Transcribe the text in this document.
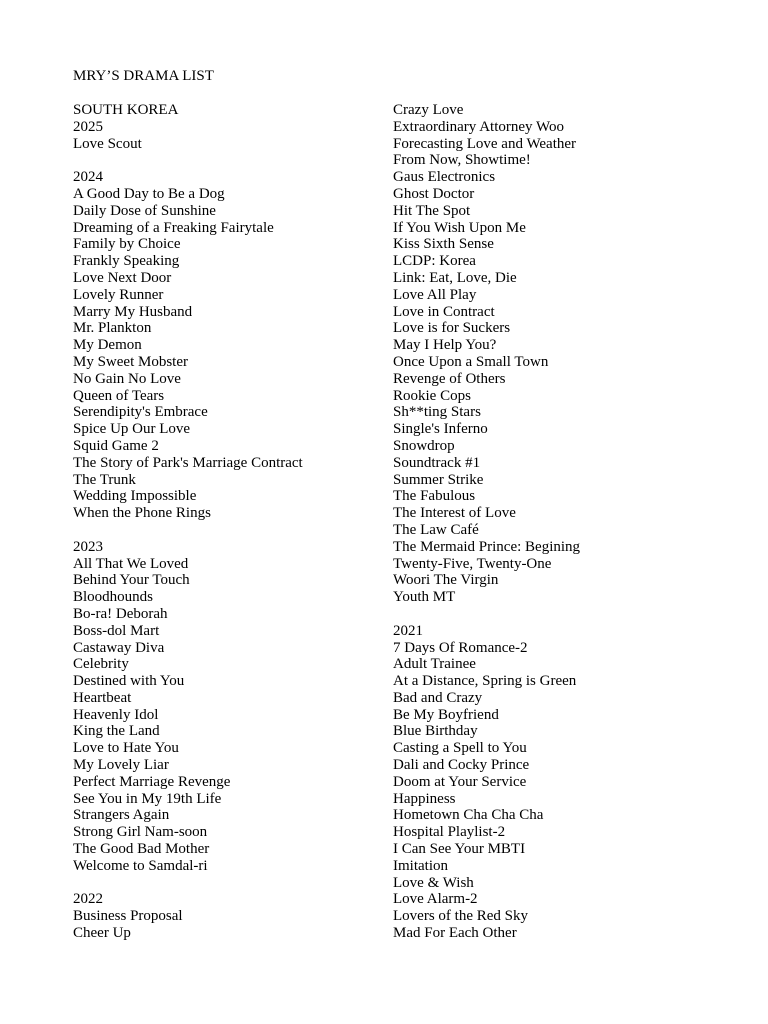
MRY’S DRAMA LIST
SOUTH KOREA
2025
Love Scout
2024
A Good Day to Be a Dog
Daily Dose of Sunshine
Dreaming of a Freaking Fairytale
Family by Choice
Frankly Speaking
Love Next Door
Lovely Runner
Marry My Husband
Mr. Plankton
My Demon
My Sweet Mobster
No Gain No Love
Queen of Tears
Serendipity's Embrace
Spice Up Our Love
Squid Game 2
The Story of Park's Marriage Contract
The Trunk
Wedding Impossible
When the Phone Rings
2023
All That We Loved
Behind Your Touch
Bloodhounds
Bo-ra! Deborah
Boss-dol Mart
Castaway Diva
Celebrity
Destined with You
Heartbeat
Heavenly Idol
King the Land
Love to Hate You
My Lovely Liar
Perfect Marriage Revenge
See You in My 19th Life
Strangers Again
Strong Girl Nam-soon
The Good Bad Mother
Welcome to Samdal-ri
2022
Business Proposal
Cheer Up
Crazy Love
Extraordinary Attorney Woo
Forecasting Love and Weather
From Now, Showtime!
Gaus Electronics
Ghost Doctor
Hit The Spot
If You Wish Upon Me
Kiss Sixth Sense
LCDP: Korea
Link: Eat, Love, Die
Love All Play
Love in Contract
Love is for Suckers
May I Help You?
Once Upon a Small Town
Revenge of Others
Rookie Cops
Sh**ting Stars
Single's Inferno
Snowdrop
Soundtrack #1
Summer Strike
The Fabulous
The Interest of Love
The Law Café
The Mermaid Prince: Begining
Twenty-Five, Twenty-One
Woori The Virgin
Youth MT
2021
7 Days Of Romance-2
Adult Trainee
At a Distance, Spring is Green
Bad and Crazy
Be My Boyfriend
Blue Birthday
Casting a Spell to You
Dali and Cocky Prince
Doom at Your Service
Happiness
Hometown Cha Cha Cha
Hospital Playlist-2
I Can See Your MBTI
Imitation
Love & Wish
Love Alarm-2
Lovers of the Red Sky
Mad For Each Other
